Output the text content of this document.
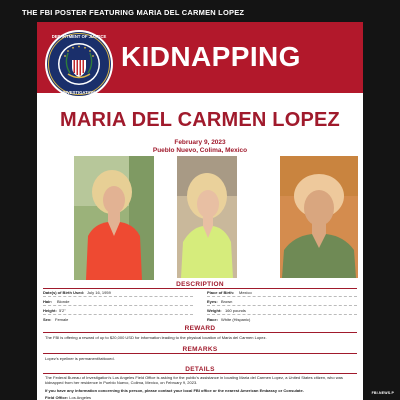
THE FBI POSTER FEATURING MARIA DEL CARMEN LOPEZ
KIDNAPPING
DEPARTMENT OF JUSTICE
INVESTIGATION
MARIA DEL CARMEN LOPEZ
February 9, 2023
Pueblo Nuevo, Colima, Mexico
DESCRIPTION
Date(s) of Birth Used: July 16, 1959	Place of Birth: Mexico
Hair: Blonde	Eyes: Brown
Height: 5'2"	Weight: 160 pounds
Sex: Female	Race: White (Hispanic)
REWARD
The FBI is offering a reward of up to $20,000 USD for information leading to the physical location of Maria del Carmen Lopez.
REMARKS
Lopez's eyeliner is permanent/tattooed.
DETAILS
The Federal Bureau of Investigation's Los Angeles Field Office is asking for the public's assistance in locating Maria del Carmen Lopez, a United States citizen, who was kidnapped from her residence in Pueblo Nuevo, Colima, Mexico, on February 9, 2023.
If you have any information concerning this person, please contact your local FBI office or the nearest American Embassy or Consulate.
Field Office: Los Angeles
FBI.NEWS.P
